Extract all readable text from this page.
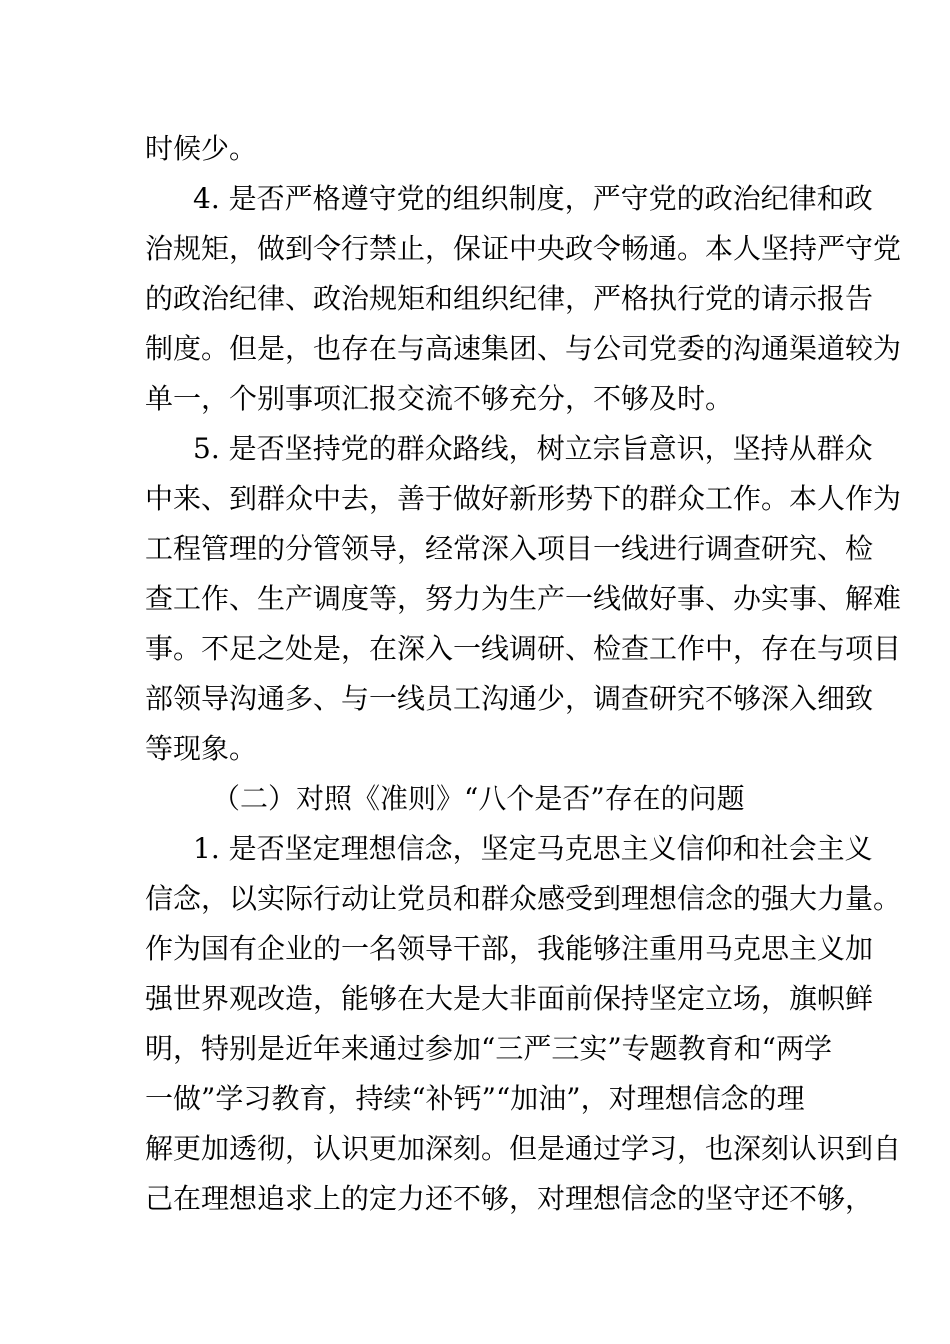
时候少。
4. 是否严格遵守党的组织制度，严守党的政治纪律和政
治规矩，做到令行禁止，保证中央政令畅通。本人坚持严守党
的政治纪律、政治规矩和组织纪律，严格执行党的请示报告
制度。但是，也存在与高速集团、与公司党委的沟通渠道较为
单一，个别事项汇报交流不够充分，不够及时。
5. 是否坚持党的群众路线，树立宗旨意识，坚持从群众
中来、到群众中去，善于做好新形势下的群众工作。本人作为
工程管理的分管领导，经常深入项目一线进行调查研究、检
查工作、生产调度等，努力为生产一线做好事、办实事、解难
事。不足之处是，在深入一线调研、检查工作中，存在与项目
部领导沟通多、与一线员工沟通少，调查研究不够深入细致
等现象。
（二）对照《准则》“八个是否”存在的问题
1. 是否坚定理想信念，坚定马克思主义信仰和社会主义
信念，以实际行动让党员和群众感受到理想信念的强大力量。
作为国有企业的一名领导干部，我能够注重用马克思主义加
强世界观改造，能够在大是大非面前保持坚定立场，旗帜鲜
明，特别是近年来通过参加“三严三实”专题教育和“两学
一做”学习教育，持续“补钙”“加油”，对理想信念的理
解更加透彻，认识更加深刻。但是通过学习，也深刻认识到自
己在理想追求上的定力还不够，对理想信念的坚守还不够，
